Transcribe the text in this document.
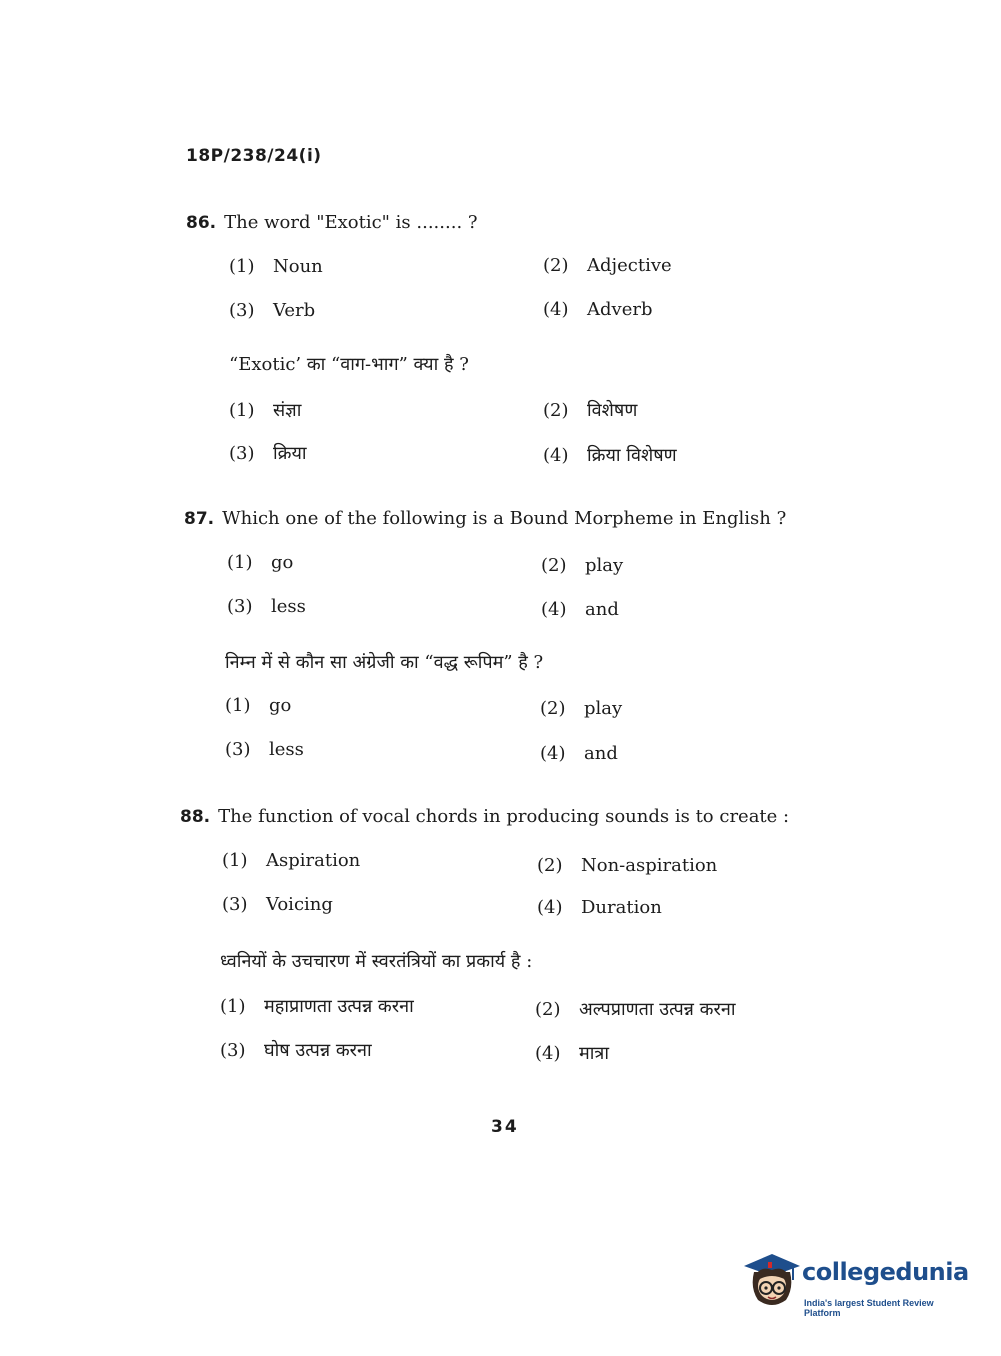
18P/238/24(i)
86. The word "Exotic" is ........ ?
(1) Noun	(2) Adjective
(3) Verb	(4) Adverb
“Exotic’ का “वाग-भाग” क्या है ?
(1) संज्ञा	(2) विशेषण
(3) क्रिया	(4) क्रिया विशेषण
87. Which one of the following is a Bound Morpheme in English ?
(1) go	(2) play
(3) less	(4) and
निम्न में से कौन सा अंग्रेजी का “वद्ध रूपिम” है ?
(1) go	(2) play
(3) less	(4) and
88. The function of vocal chords in producing sounds is to create :
(1) Aspiration	(2) Non-aspiration
(3) Voicing	(4) Duration
ध्वनियों के उचचारण में स्वरतंत्रियों का प्रकार्य है :
(1) महाप्राणता उत्पन्न करना	(2) अल्पप्राणता उत्पन्न करना
(3) घोष उत्पन्न करना	(4) मात्रा
34
collegedunia
India's largest Student Review Platform
